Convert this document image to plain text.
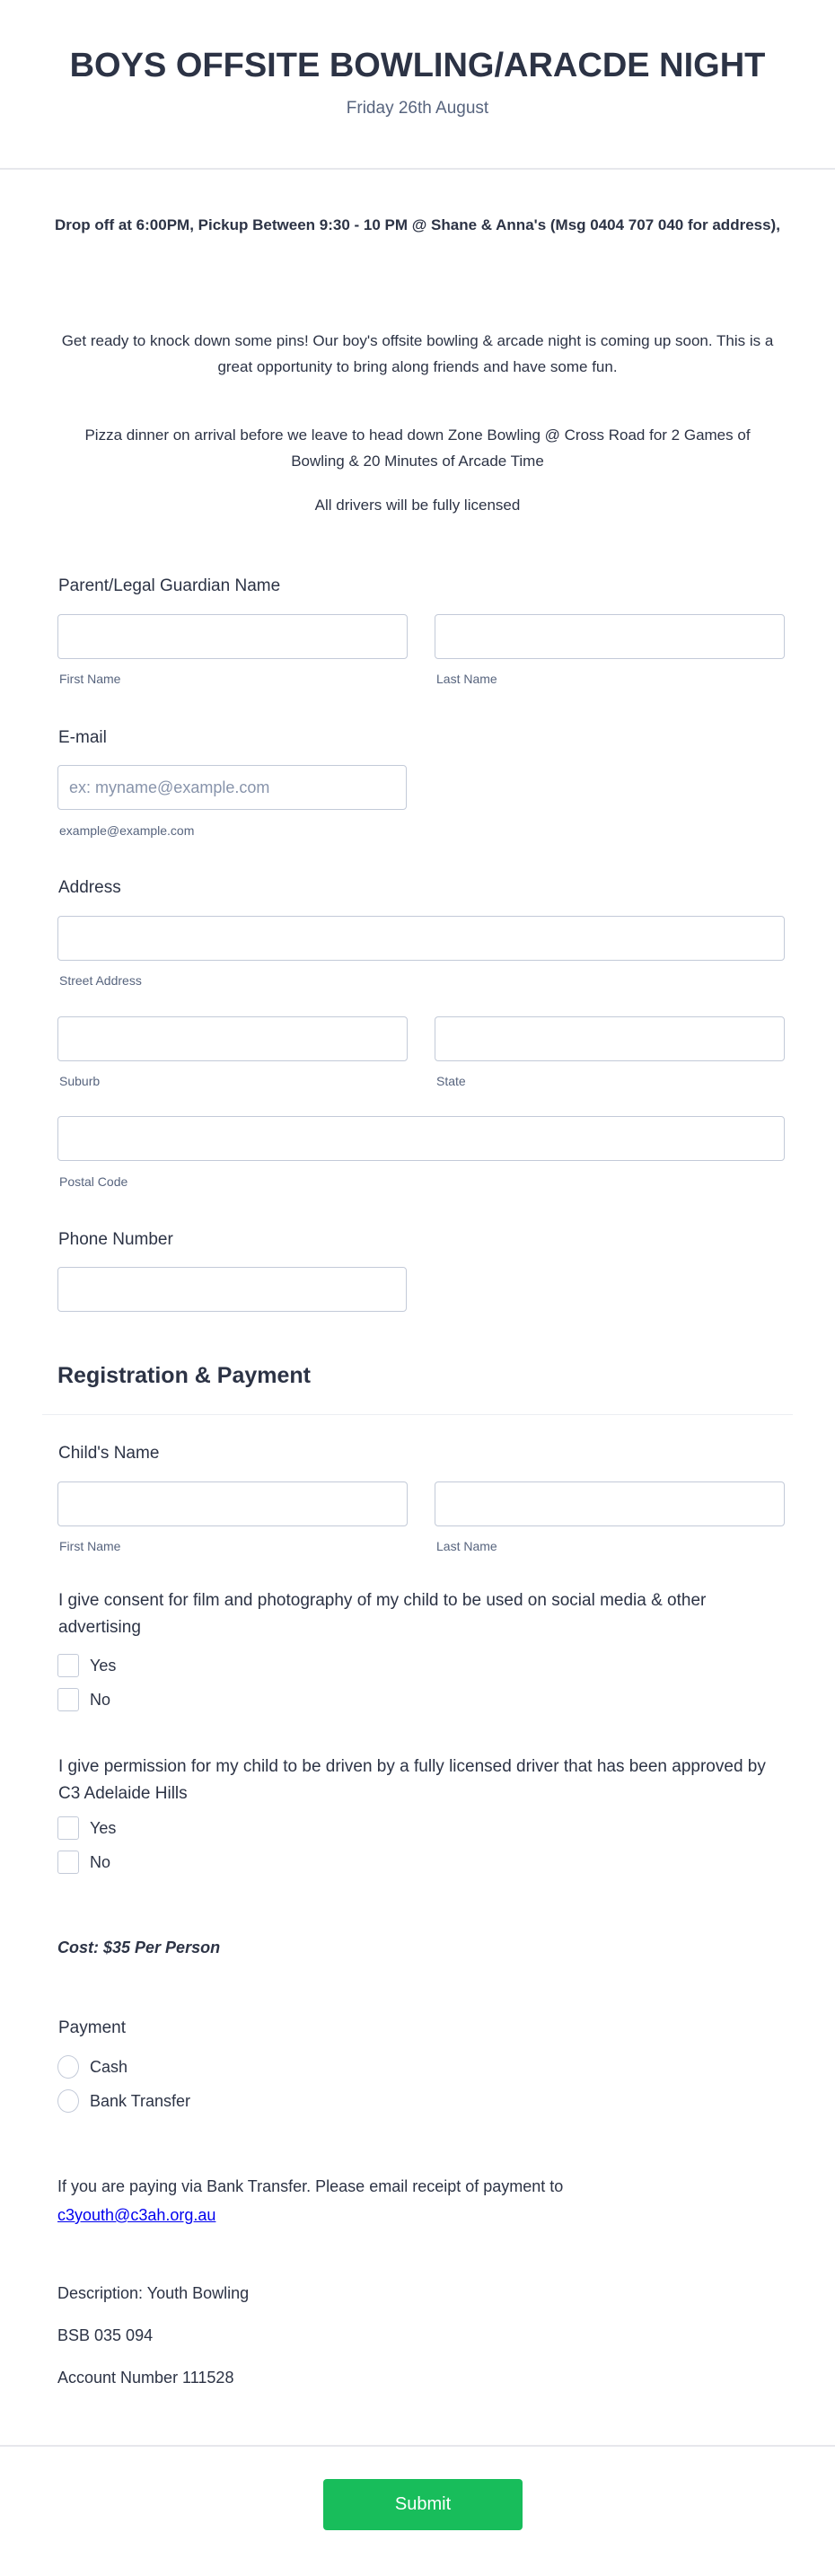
BOYS OFFSITE BOWLING/ARACDE NIGHT
Friday 26th August
Drop off at 6:00PM, Pickup Between 9:30 - 10 PM @ Shane & Anna's (Msg 0404 707 040 for address),
Get ready to knock down some pins! Our boy's offsite bowling & arcade night is coming up soon. This is a great opportunity to bring along friends and have some fun.
Pizza dinner on arrival before we leave to head down Zone Bowling @ Cross Road for 2 Games of Bowling & 20 Minutes of Arcade Time
All drivers will be fully licensed
Parent/Legal Guardian Name
First Name	Last Name
E-mail
ex: myname@example.com
example@example.com
Address
Street Address
Suburb	State
Postal Code
Phone Number
Registration & Payment
Child's Name
First Name	Last Name
I give consent for film and photography of my child to be used on social media & other advertising
Yes
No
I give permission for my child to be driven by a fully licensed driver that has been approved by C3 Adelaide Hills
Yes
No
Cost: $35 Per Person
Payment
Cash
Bank Transfer
If you are paying via Bank Transfer. Please email receipt of payment to
c3youth@c3ah.org.au
Description: Youth Bowling
BSB 035 094
Account Number 111528
Submit
